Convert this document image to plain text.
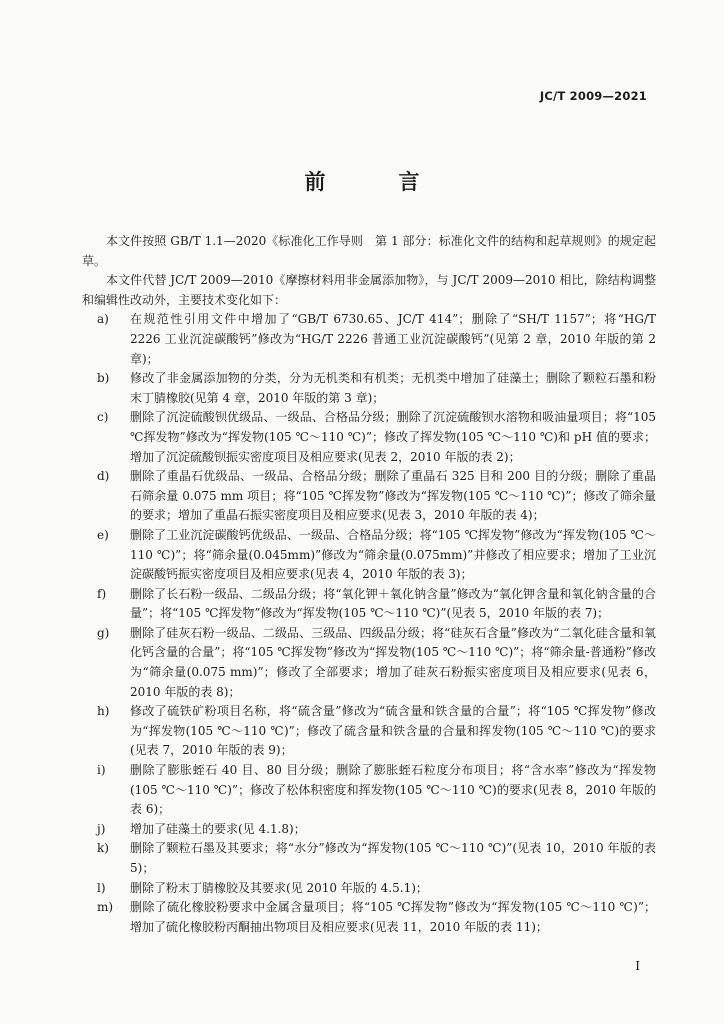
JC/T 2009—2021
前　言

本文件按照 GB/T 1.1—2020《标准化工作导则　第 1 部分：标准化文件的结构和起草规则》的规定起草。

本文件代替 JC/T 2009—2010《摩擦材料用非金属添加物》，与 JC/T 2009—2010 相比，除结构调整和编辑性改动外，主要技术变化如下：

a)	在规范性引用文件中增加了“GB/T 6730.65、JC/T 414”；删除了“SH/T 1157”；将“HG/T 2226 工业沉淀碳酸钙”修改为“HG/T 2226 普通工业沉淀碳酸钙”(见第 2 章，2010 年版的第 2 章)；
b)	修改了非金属添加物的分类，分为无机类和有机类；无机类中增加了硅藻土；删除了颗粒石墨和粉末丁腈橡胶(见第 4 章，2010 年版的第 3 章)；
c)	删除了沉淀硫酸钡优级品、一级品、合格品分级；删除了沉淀硫酸钡水溶物和吸油量项目；将“105 ℃挥发物”修改为“挥发物(105 ℃～110 ℃)”；修改了挥发物(105 ℃～110 ℃)和 pH 值的要求；增加了沉淀硫酸钡振实密度项目及相应要求(见表 2，2010 年版的表 2)；
d)	删除了重晶石优级品、一级品、合格品分级；删除了重晶石 325 目和 200 目的分级；删除了重晶石筛余量 0.075 mm 项目；将“105 ℃挥发物”修改为“挥发物(105 ℃～110 ℃)”；修改了筛余量的要求；增加了重晶石振实密度项目及相应要求(见表 3，2010 年版的表 4)；
e)	删除了工业沉淀碳酸钙优级品、一级品、合格品分级；将“105 ℃挥发物”修改为“挥发物(105 ℃～110 ℃)”；将“筛余量(0.045mm)”修改为“筛余量(0.075mm)”并修改了相应要求；增加了工业沉淀碳酸钙振实密度项目及相应要求(见表 4，2010 年版的表 3)；
f)	删除了长石粉一级品、二级品分级；将“氧化钾＋氧化钠含量”修改为“氧化钾含量和氧化钠含量的合量”；将“105 ℃挥发物”修改为“挥发物(105 ℃～110 ℃)”(见表 5，2010 年版的表 7)；
g)	删除了硅灰石粉一级品、二级品、三级品、四级品分级；将“硅灰石含量”修改为“二氧化硅含量和氧化钙含量的合量”；将“105 ℃挥发物”修改为“挥发物(105 ℃～110 ℃)”；将“筛余量-普通粉”修改为“筛余量(0.075 mm)”；修改了全部要求；增加了硅灰石粉振实密度项目及相应要求(见表 6，2010 年版的表 8)；
h)	修改了硫铁矿粉项目名称，将“硫含量”修改为“硫含量和铁含量的合量”；将“105 ℃挥发物”修改为“挥发物(105 ℃～110 ℃)”；修改了硫含量和铁含量的合量和挥发物(105 ℃～110 ℃)的要求(见表 7，2010 年版的表 9)；
i)	删除了膨胀蛭石 40 目、80 目分级；删除了膨胀蛭石粒度分布项目；将“含水率”修改为“挥发物(105 ℃～110 ℃)”；修改了松体积密度和挥发物(105 ℃～110 ℃)的要求(见表 8，2010 年版的表 6)；
j)	增加了硅藻土的要求(见 4.1.8)；
k)	删除了颗粒石墨及其要求；将“水分”修改为“挥发物(105 ℃～110 ℃)”(见表 10，2010 年版的表 5)；
l)	删除了粉末丁腈橡胶及其要求(见 2010 年版的 4.5.1)；
m)	删除了硫化橡胶粉要求中金属含量项目；将“105 ℃挥发物”修改为“挥发物(105 ℃～110 ℃)”；增加了硫化橡胶粉丙酮抽出物项目及相应要求(见表 11，2010 年版的表 11)；
I
